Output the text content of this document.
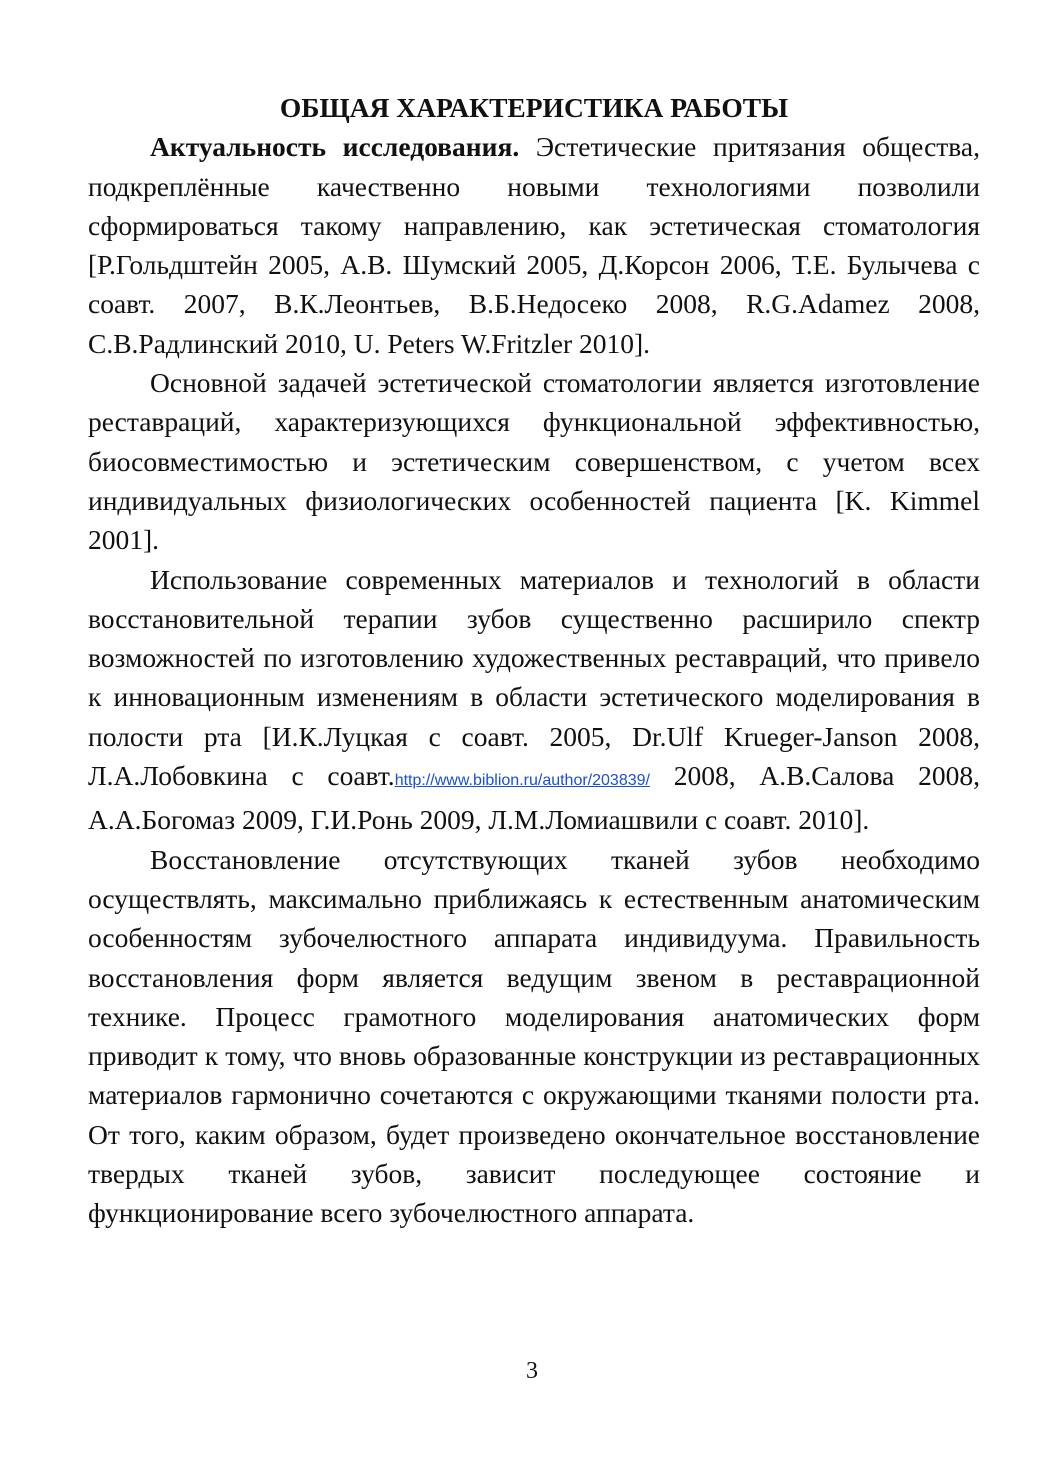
ОБЩАЯ ХАРАКТЕРИСТИКА РАБОТЫ

Актуальность исследования. Эстетические притязания общества, подкреплённые качественно новыми технологиями позволили сформироваться такому направлению, как эстетическая стоматология [Р.Гольдштейн 2005, А.В. Шумский 2005, Д.Корсон 2006, Т.Е. Булычева с соавт. 2007, В.К.Леонтьев, В.Б.Недосеко 2008, R.G.Adamez 2008, С.В.Радлинский 2010, U. Peters W.Fritzler 2010].

Основной задачей эстетической стоматологии является изготовление реставраций, характеризующихся функциональной эффективностью, биосовместимостью и эстетическим совершенством, с учетом всех индивидуальных физиологических особенностей пациента [K. Kimmel 2001].

Использование современных материалов и технологий в области восстановительной терапии зубов существенно расширило спектр возможностей по изготовлению художественных реставраций, что привело к инновационным изменениям в области эстетического моделирования в полости рта [И.К.Луцкая с соавт. 2005, Dr.Ulf Krueger-Janson 2008, Л.А.Лобовкина с соавт.http://www.biblion.ru/author/203839/ 2008, А.В.Салова 2008, А.А.Богомаз 2009, Г.И.Ронь 2009, Л.М.Ломиашвили с соавт. 2010].

Восстановление отсутствующих тканей зубов необходимо осуществлять, максимально приближаясь к естественным анатомическим особенностям зубочелюстного аппарата индивидуума. Правильность восстановления форм является ведущим звеном в реставрационной технике. Процесс грамотного моделирования анатомических форм приводит к тому, что вновь образованные конструкции из реставрационных материалов гармонично сочетаются с окружающими тканями полости рта. От того, каким образом, будет произведено окончательное восстановление твердых тканей зубов, зависит последующее состояние и функционирование всего зубочелюстного аппарата.

3
